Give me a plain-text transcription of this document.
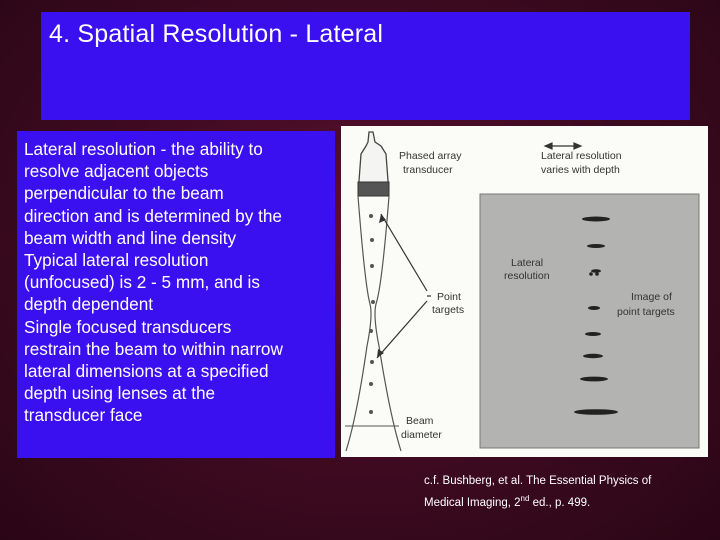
4. Spatial Resolution - Lateral
Lateral resolution - the ability to
resolve adjacent objects
perpendicular to the beam
direction and is determined by the
beam width and line density
Typical lateral resolution
(unfocused) is 2 - 5 mm, and is
depth dependent
Single focused transducers
restrain the beam to within narrow
lateral dimensions at a specified
depth using lenses at the
transducer face
Phased array
transducer
Lateral resolution
varies with depth
Lateral
resolution
Point
targets
Image of
point targets
Beam
diameter
c.f. Bushberg, et al. The Essential Physics of
Medical Imaging, 2nd ed., p. 499.
